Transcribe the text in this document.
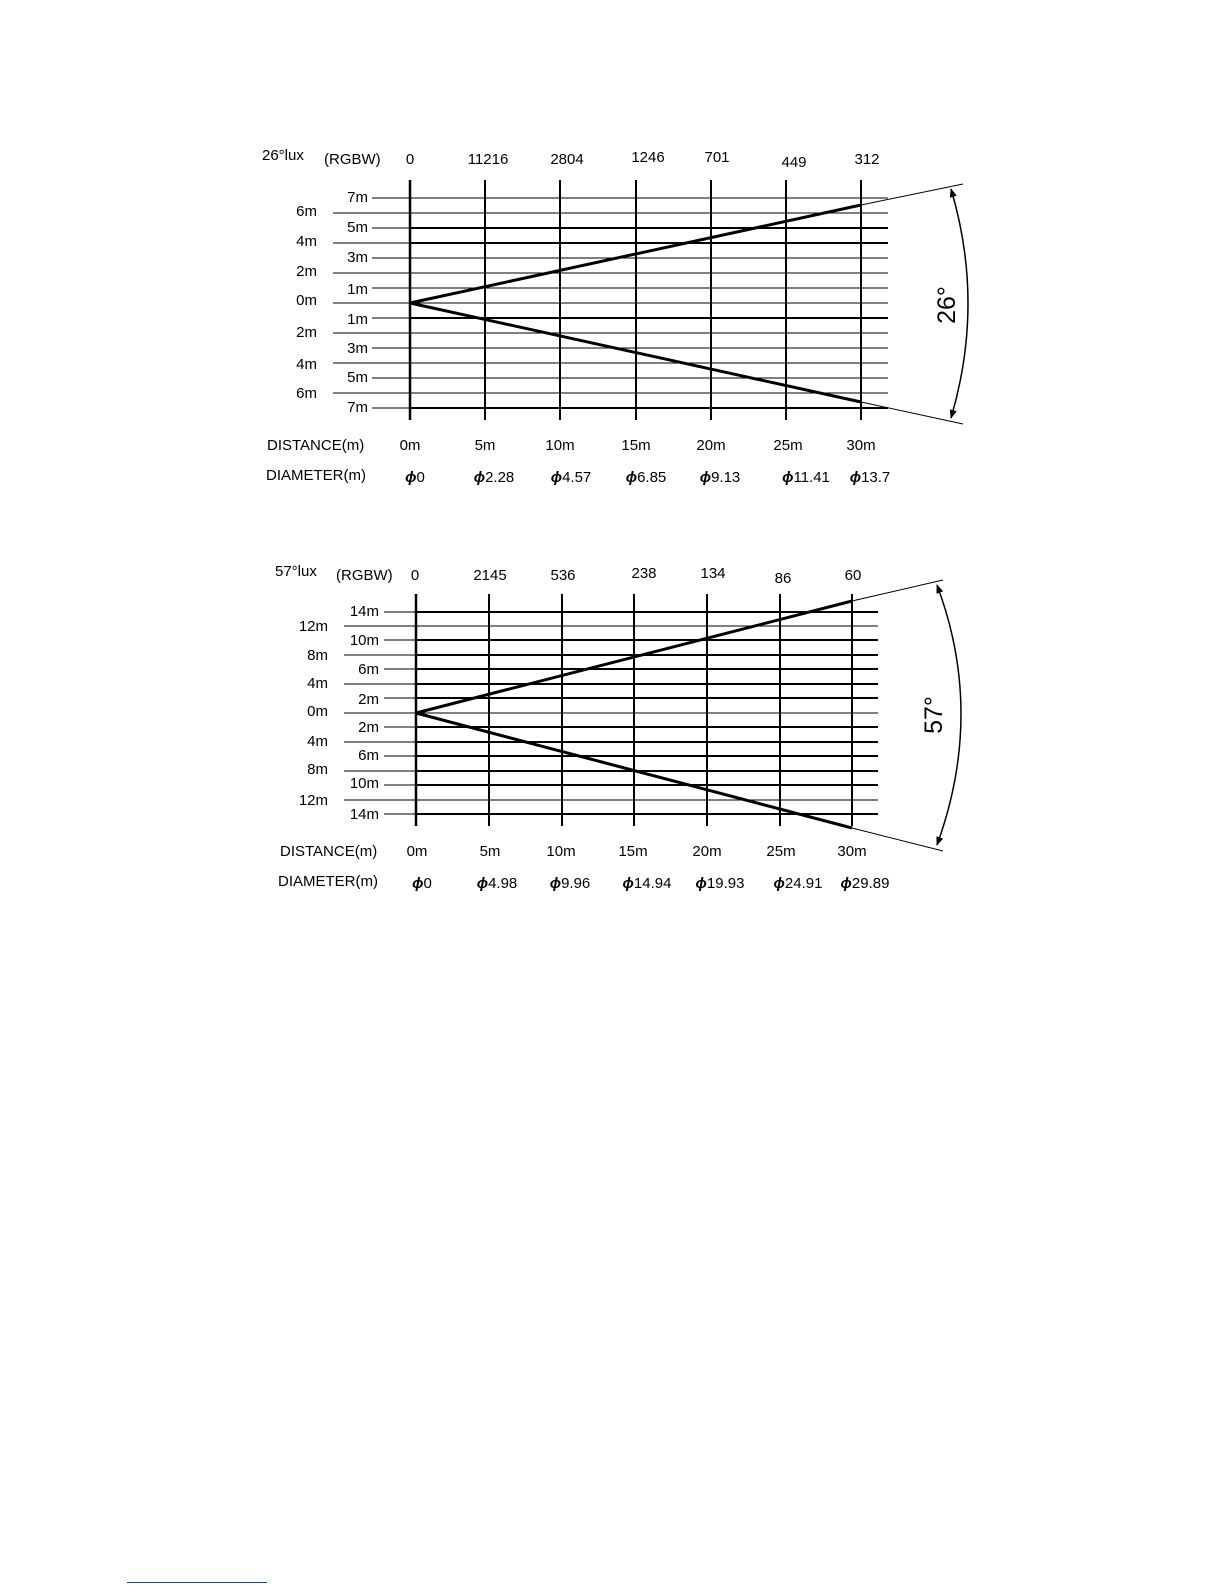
26°
26°lux (RGBW) 0	11216	2804	1246	701	449	312
6m
4m
2m
0m
2m
4m
6m
7m
5m
3m
1m
1m
3m
5m
7m
DISTANCE(m) 0m	5m	10m	15m	20m	25m	30m
DIAMETER(m)	ϕ0	ϕ2.28 ϕ4.57 ϕ6.85 ϕ9.13	ϕ11.41 ϕ13.7
57°
57°lux (RGBW) 0	2145	536	238	134	86	60
12m
8m
4m
0m
4m
8m
12m
14m
10m
6m
2m
2m
6m
10m
14m
DISTANCE(m) 0m	5m	10m	15m	20m	25m	30m
DIAMETER(m) ϕ0	ϕ4.98 ϕ9.96 ϕ14.94 ϕ19.93 ϕ24.91 ϕ29.89
